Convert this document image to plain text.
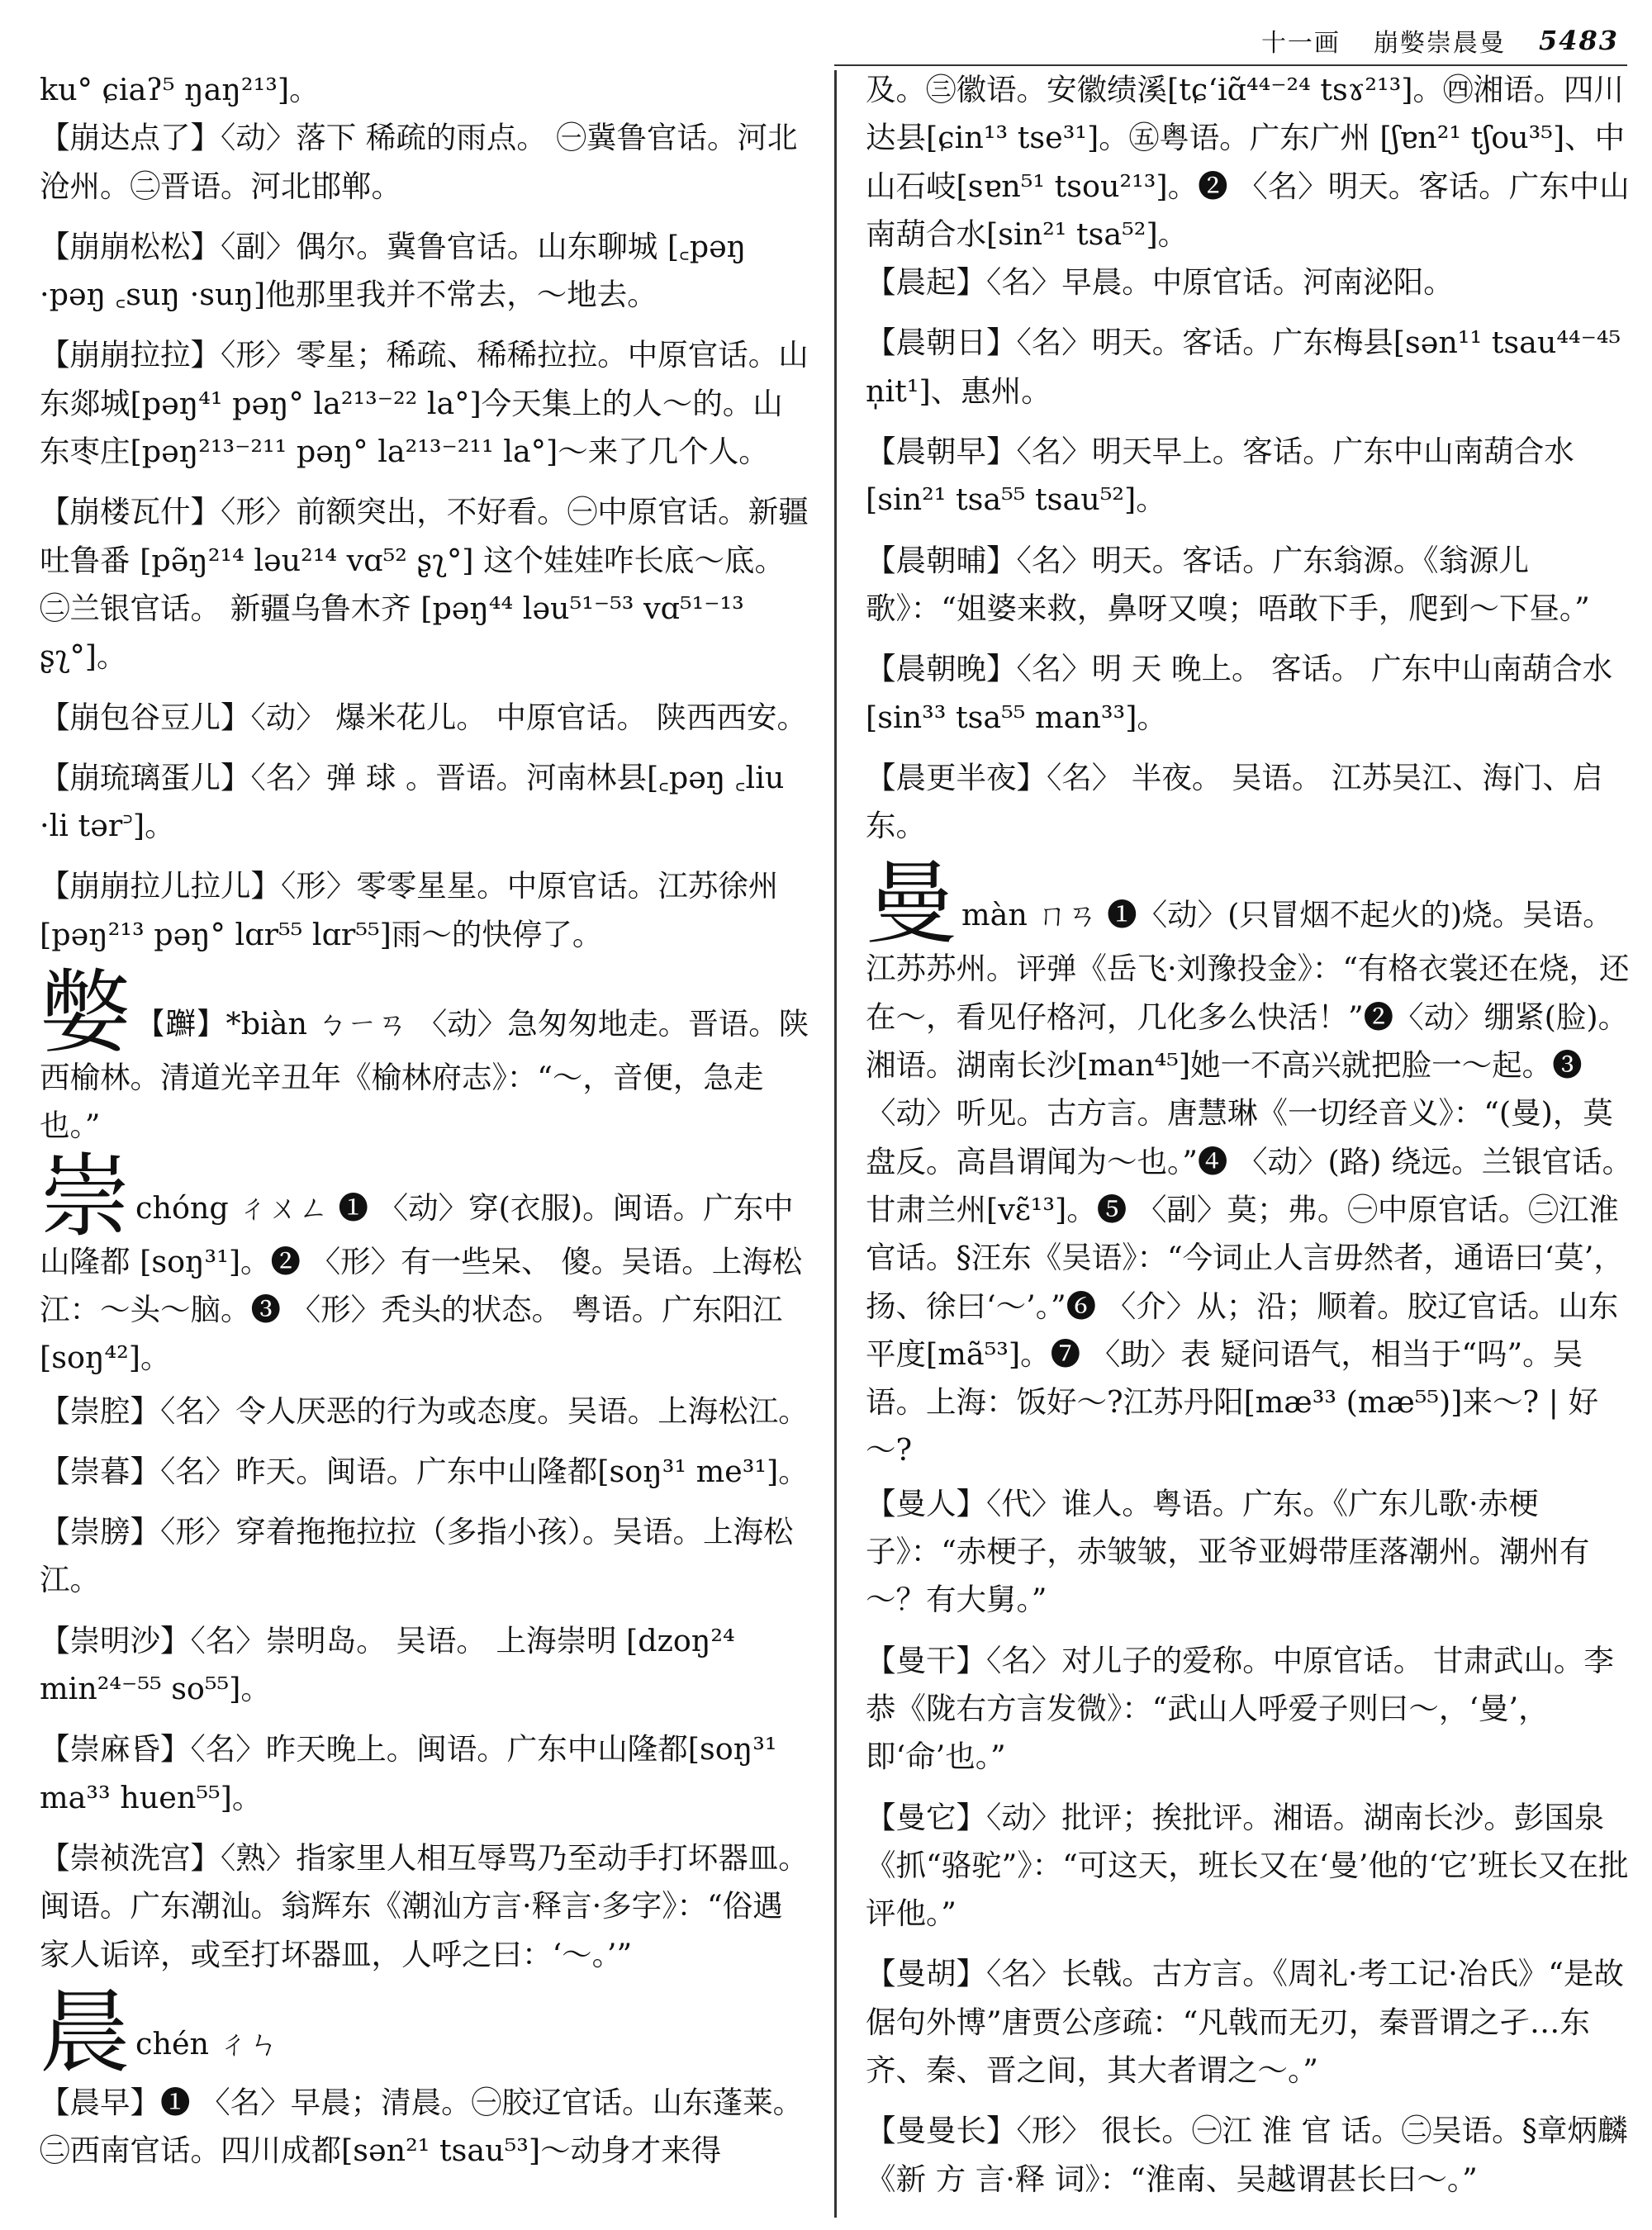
十一画 崩嫳崇晨曼 5483

ku° ɕiaʔ⁵ ŋaŋ²¹³]。

【崩达点了】〈动〉落下 稀疏的雨点。 ㊀冀鲁官话。河北沧州。㊁晋语。河北邯郸。

【崩崩松松】〈副〉偶尔。冀鲁官话。山东聊城 [꜀pəŋ ·pəŋ ꜀suŋ ·suŋ]他那里我并不常去，～地去。

【崩崩拉拉】〈形〉零星；稀疏、稀稀拉拉。中原官话。山东郯城[pəŋ⁴¹ pəŋ° la²¹³⁻²² la°]今天集上的人～的。山东枣庄[pəŋ²¹³⁻²¹¹ pəŋ° la²¹³⁻²¹¹ la°]～来了几个人。

【崩楼瓦什】〈形〉前额突出，不好看。㊀中原官话。新疆吐鲁番 [pə̃ŋ²¹⁴ ləu²¹⁴ vɑ⁵² ʂʅ°] 这个娃娃咋长底～底。 ㊁兰银官话。 新疆乌鲁木齐 [pəŋ⁴⁴ ləu⁵¹⁻⁵³ vɑ⁵¹⁻¹³ ʂʅ°]。

【崩包谷豆儿】〈动〉 爆米花儿。 中原官话。 陕西西安。

【崩琉璃蛋儿】〈名〉弹 球 。晋语。河南林县[꜀pəŋ ꜀liu ·li tər꜄]。

【崩崩拉儿拉儿】〈形〉零零星星。中原官话。江苏徐州[pəŋ²¹³ pəŋ° lɑr⁵⁵ lɑr⁵⁵]雨～的快停了。

嫳 【𨇤】*biàn ㄅㄧㄢ 〈动〉急匆匆地走。晋语。陕西榆林。清道光辛丑年《榆林府志》：“～，音便，急走也。”

崇chóng ㄔㄨㄥ ❶ 〈动〉穿(衣服)。闽语。广东中山隆都 [soŋ³¹]。❷ 〈形〉有一些呆、 傻。吴语。上海松江：～头～脑。❸ 〈形〉秃头的状态。 粤语。广东阳江[soŋ⁴²]。

【崇腔】〈名〉令人厌恶的行为或态度。吴语。上海松江。

【崇暮】〈名〉昨天。闽语。广东中山隆都[soŋ³¹ me³¹]。

【崇膀】〈形〉穿着拖拖拉拉（多指小孩）。吴语。上海松江。

【崇明沙】〈名〉崇明岛。 吴语。 上海崇明 [dzoŋ²⁴ min²⁴⁻⁵⁵ so⁵⁵]。

【崇麻昏】〈名〉昨天晚上。闽语。广东中山隆都[soŋ³¹ ma³³ huen⁵⁵]。

【崇祯洗宫】〈熟〉指家里人相互辱骂乃至动手打坏器皿。闽语。广东潮汕。翁辉东《潮汕方言·释言·多字》：“俗遇家人诟谇，或至打坏器皿，人呼之曰：‘～。’”

晨chén ㄔㄣ

【晨早】❶ 〈名〉早晨；清晨。㊀胶辽官话。山东蓬莱。㊁西南官话。四川成都[sən²¹ tsau⁵³]～动身才来得

及。㊂徽语。安徽绩溪[tɕʻiɑ̃⁴⁴⁻²⁴ tsɤ²¹³]。㊃湘语。四川达县[ɕin¹³ tse³¹]。㊄粤语。广东广州 [ʃɐn²¹ tʃou³⁵]、中山石岐[sɐn⁵¹ tsou²¹³]。❷ 〈名〉明天。客话。广东中山南葫合水[sin²¹ tsa⁵²]。

【晨起】〈名〉早晨。中原官话。河南泌阳。

【晨朝日】〈名〉明天。客话。广东梅县[sən¹¹ tsau⁴⁴⁻⁴⁵ n̩it¹]、惠州。

【晨朝早】〈名〉明天早上。客话。广东中山南葫合水[sin²¹ tsa⁵⁵ tsau⁵²]。

【晨朝晡】〈名〉明天。客话。广东翁源。《翁源儿歌》：“姐婆来救，鼻呀又嗅；唔敢下手，爬到～下昼。”

【晨朝晚】〈名〉明 天 晚上。 客话。 广东中山南葫合水[sin³³ tsa⁵⁵ man³³]。

【晨更半夜】〈名〉 半夜。 吴语。 江苏吴江、海门、启东。

曼màn ㄇㄢ ❶〈动〉(只冒烟不起火的)烧。吴语。江苏苏州。评弹《岳飞·刘豫投金》：“有格衣裳还在烧，还在～，看见仔格河，几化多么快活！”❷〈动〉绷紧(脸)。湘语。湖南长沙[man⁴⁵]她一不高兴就把脸一～起。❸ 〈动〉听见。古方言。唐慧琳《一切经音义》：“(曼)，莫盘反。高昌谓闻为～也。”❹ 〈动〉(路) 绕远。兰银官话。甘肃兰州[vɛ̃¹³]。❺ 〈副〉莫；弗。㊀中原官话。㊁江淮官话。§汪东《吴语》：“今词止人言毋然者，通语曰‘莫’，扬、徐曰‘～’。”❻ 〈介〉从；沿；顺着。胶辽官话。山东平度[mã⁵³]。❼ 〈助〉表 疑问语气，相当于“吗”。吴语。上海：饭好～?江苏丹阳[mæ³³ (mæ⁵⁵)]来～? | 好～?

【曼人】〈代〉谁人。粤语。广东。《广东儿歌·赤梗子》：“赤梗子，赤皱皱，亚爷亚姆带厓落潮州。潮州有～？有大舅。”

【曼干】〈名〉对儿子的爱称。中原官话。 甘肃武山。李恭《陇右方言发微》：“武山人呼爱子则曰～，‘曼’，即‘命’也。”

【曼它】〈动〉批评；挨批评。湘语。湖南长沙。彭国泉《抓“骆驼”》：“可这天，班长又在‘曼’他的‘它’班长又在批评他。”

【曼胡】〈名〉长戟。古方言。《周礼·考工记·冶氏》“是故倨句外博”唐贾公彦疏：“凡戟而无刃，秦晋谓之孑…东齐、秦、晋之间，其大者谓之～。”

【曼曼长】〈形〉 很长。㊀江 淮 官 话。㊁吴语。§章炳麟《新 方 言·释 词》：“淮南、吴越谓甚长曰～。”
